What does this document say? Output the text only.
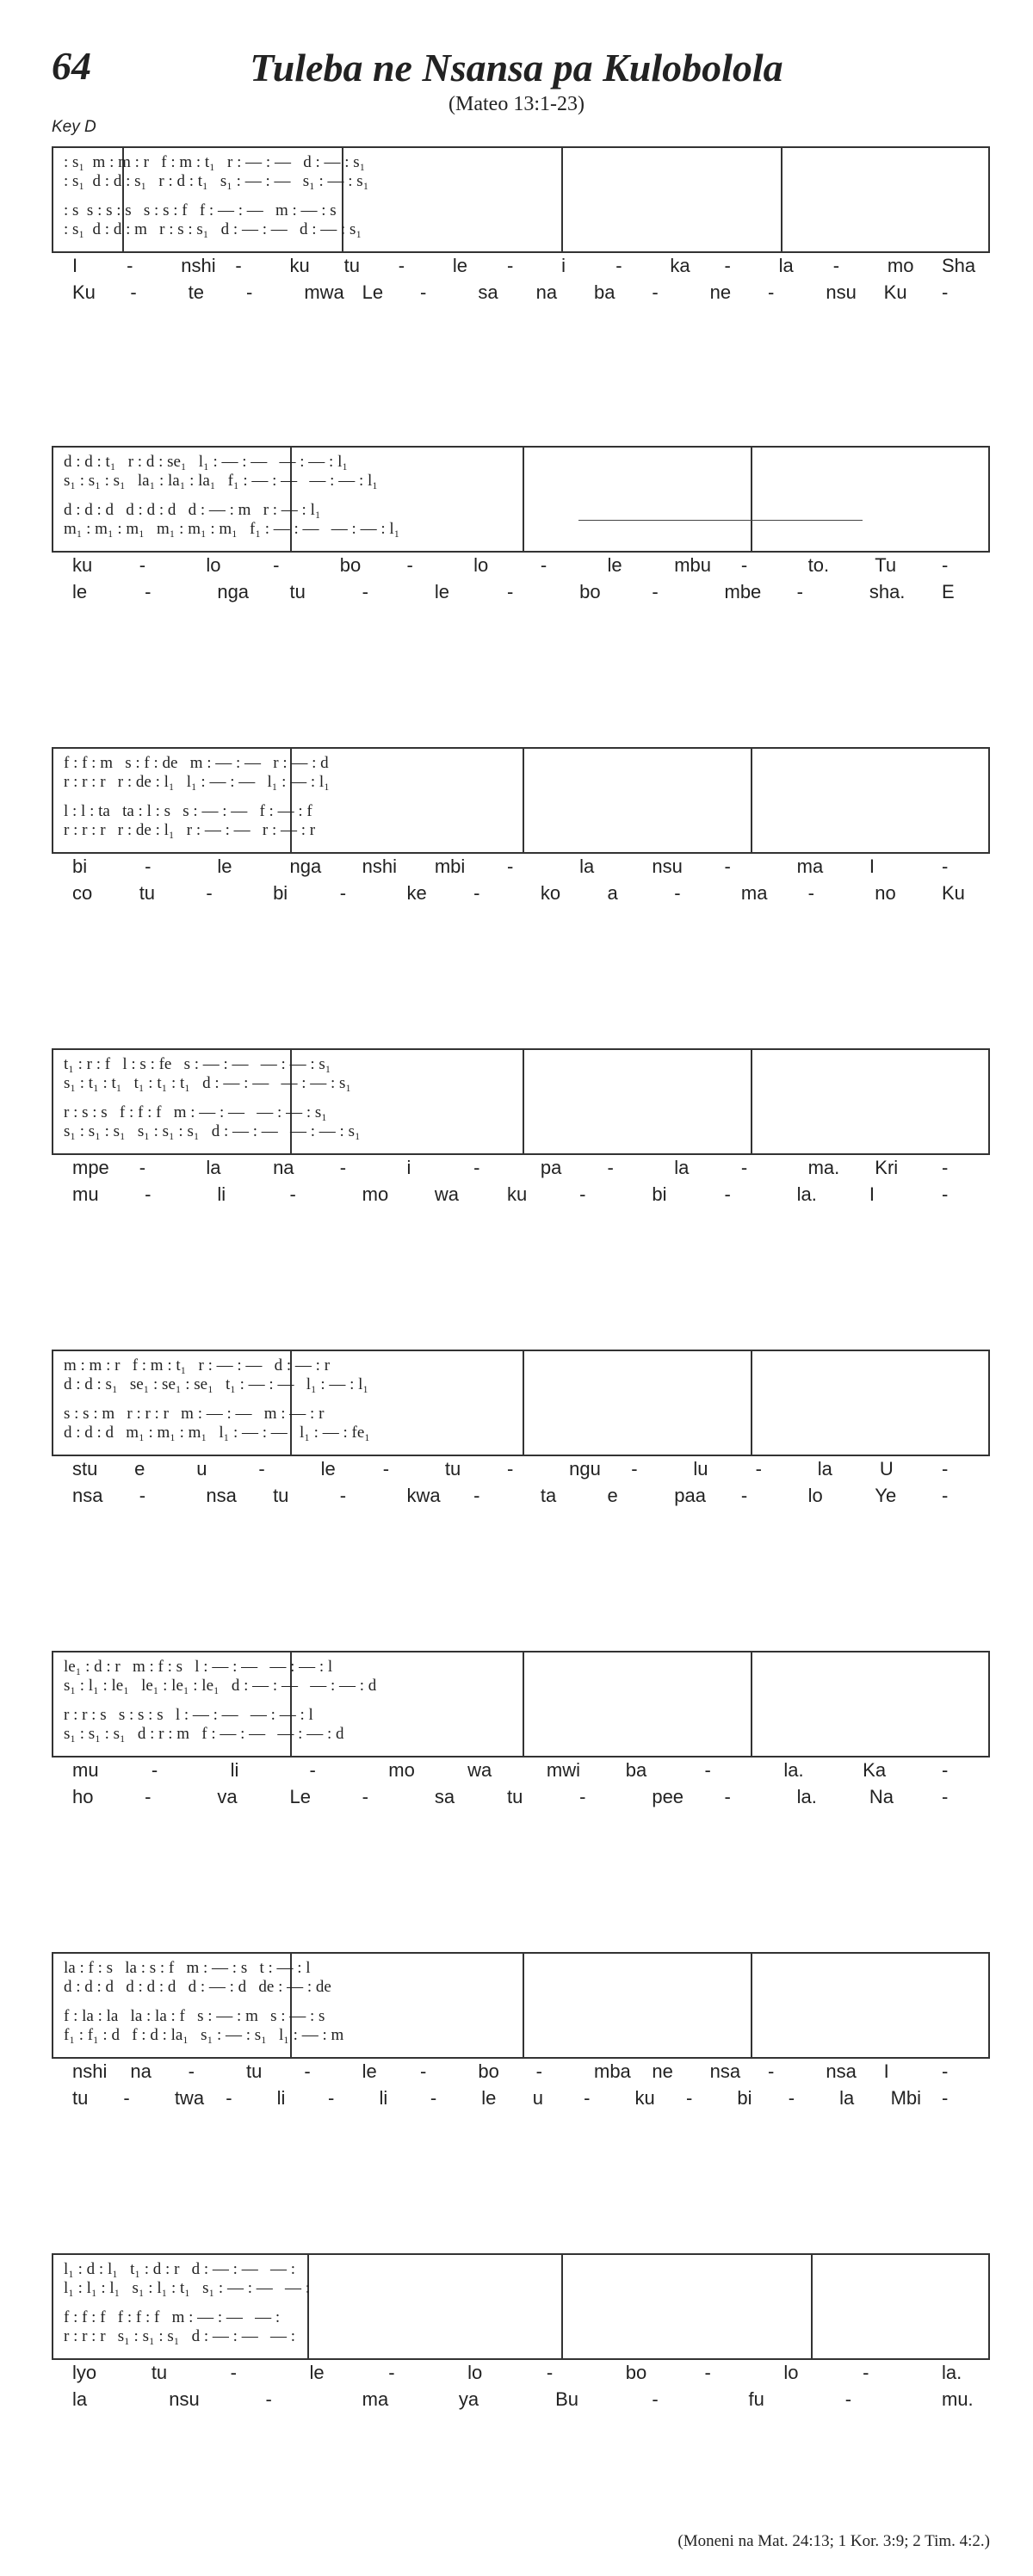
64	Tuleba ne Nsansa pa Kulobolola
(Mateo 13:1-23)
Key D
: s₁  m : m : r   f : m : t₁   r : — : —   d : — : s₁
: s₁  d : d : s₁   r : d : t₁   s₁ : — : —   s₁ : — : s₁
: s  s : s : s   s : s : f   f : — : —   m : — : s
: s₁  d : d : m   r : s : s₁   d : — : —   d : — : s₁
I	-	nshi -	ku tu -	le -	i	-	ka -	la -	mo Sha
Ku -	te -	mwa Le -	sa na ba -	ne -	nsu Ku -
d : d : t₁   r : d : se₁   l₁ : — : —   — : — : l₁
s₁ : s₁ : s₁   la₁ : la₁ : la₁   f₁ : — : —   — : — : l₁
d : d : d   d : d : d   d : — : m   r : — : l₁
m₁ : m₁ : m₁   m₁ : m₁ : m₁   f₁ : — : —   — : — : l₁
ku -	lo	-	bo -	lo	-	le	mbu -	to. Tu -
le	-	nga tu	-	le	-	bo	-	mbe -	sha. E
f : f : m   s : f : de   m : — : —   r : — : d
r : r : r   r : de : l₁   l₁ : — : —   l₁ : — : l₁
l : l : ta   ta : l : s   s : — : —   f : — : f
r : r : r   r : de : l₁   r : — : —   r : — : r
bi	-	le	nga nshi mbi -	la	nsu -	ma I	-
co tu	-	bi	-	ke -	ko a	-	ma -	no Ku
t₁ : r : f   l : s : fe   s : — : —   — : — : s₁
s₁ : t₁ : t₁   t₁ : t₁ : t₁   d : — : —   — : — : s₁
r : s : s   f : f : f   m : — : —   — : — : s₁
s₁ : s₁ : s₁   s₁ : s₁ : s₁   d : — : —   — : — : s₁
mpe -	la	na -	i	-	pa -	la	-	ma. Kri -
mu -	li	-	mo wa	ku	-	bi	-	la.	I	-
m : m : r   f : m : t₁   r : — : —   d : — : r
d : d : s₁   se₁ : se₁ : se₁   t₁ : — : —   l₁ : — : l₁
s : s : m   r : r : r   m : — : —   m : — : r
d : d : d   m₁ : m₁ : m₁   l₁ : — : —   l₁ : — : fe₁
stu e	u	-	le	-	tu -	ngu -	lu	-	la	U	-
nsa -	nsa tu	-	kwa -	ta	e	paa -	lo	Ye -
le₁ : d : r   m : f : s   l : — : —   — : — : l
s₁ : l₁ : le₁   le₁ : le₁ : le₁   d : — : —   — : — : d
r : r : s   s : s : s   l : — : —   — : — : l
s₁ : s₁ : s₁   d : r : m   f : — : —   — : — : d
mu	-	li	-	mo	wa	mwi ba	-	la.	Ka	-
ho	-	va	Le	-	sa	tu	-	pee -	la.	Na	-
la : f : s   la : s : f   m : — : s   t : — : l
d : d : d   d : d : d   d : — : d   de : — : de
f : la : la   la : la : f   s : — : m   s : — : s
f₁ : f₁ : d   f : d : la₁   s₁ : — : s₁   l₁ : — : m
nshi na -	tu -	le -	bo -	mba ne nsa -	nsa I	-
tu - twa - li - li - le u - ku - bi - la Mbi -
l₁ : d : l₁   t₁ : d : r   d : — : —   — :
l₁ : l₁ : l₁   s₁ : l₁ : t₁   s₁ : — : —   — :
f : f : f   f : f : f   m : — : —   — :
r : r : r   s₁ : s₁ : s₁   d : — : —   — :
lyo	tu	-	le	-	lo	-	bo	-	lo	-	la.
la	nsu	-	ma	ya	Bu	-	fu	-	mu.
(Moneni na Mat. 24:13; 1 Kor. 3:9; 2 Tim. 4:2.)
